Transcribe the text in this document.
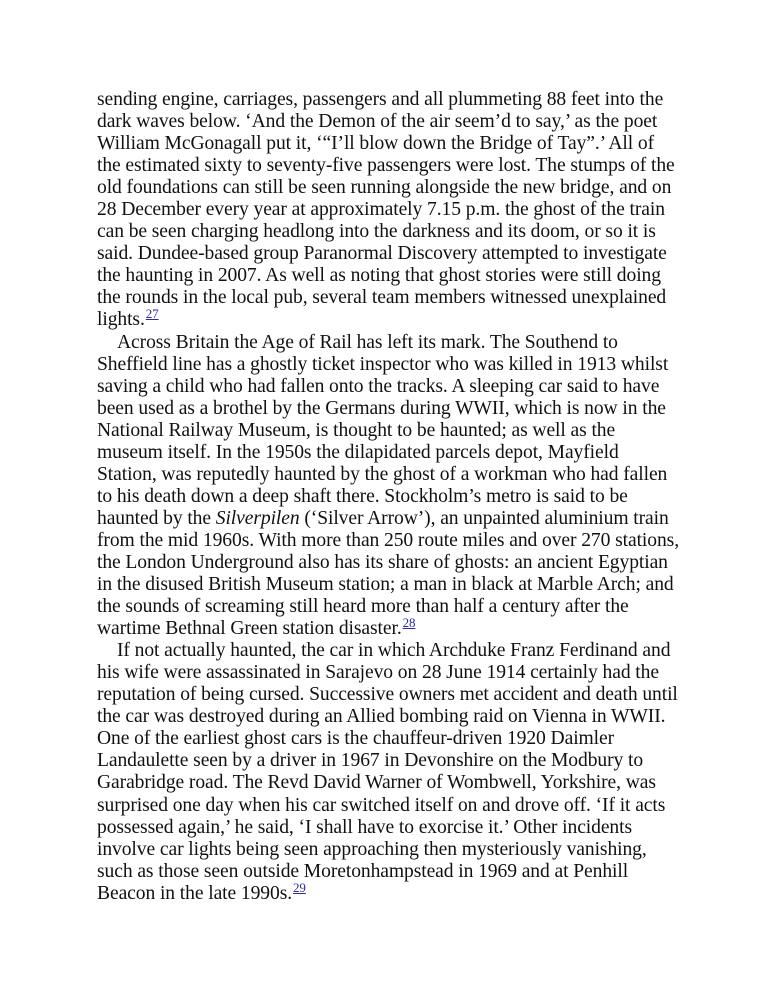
sending engine, carriages, passengers and all plummeting 88 feet into the dark waves below. ‘And the Demon of the air seem’d to say,’ as the poet William McGonagall put it, ‘“I’ll blow down the Bridge of Tay”.’ All of the estimated sixty to seventy-five passengers were lost. The stumps of the old foundations can still be seen running alongside the new bridge, and on 28 December every year at approximately 7.15 p.m. the ghost of the train can be seen charging headlong into the darkness and its doom, or so it is said. Dundee-based group Paranormal Discovery attempted to investigate the haunting in 2007. As well as noting that ghost stories were still doing the rounds in the local pub, several team members witnessed unexplained lights.$^{27}$

Across Britain the Age of Rail has left its mark. The Southend to Sheffield line has a ghostly ticket inspector who was killed in 1913 whilst saving a child who had fallen onto the tracks. A sleeping car said to have been used as a brothel by the Germans during WWII, which is now in the National Railway Museum, is thought to be haunted; as well as the museum itself. In the 1950s the dilapidated parcels depot, Mayfield Station, was reputedly haunted by the ghost of a workman who had fallen to his death down a deep shaft there. Stockholm’s metro is said to be haunted by the Silverpilen (‘Silver Arrow’), an unpainted aluminium train from the mid 1960s. With more than 250 route miles and over 270 stations, the London Underground also has its share of ghosts: an ancient Egyptian in the disused British Museum station; a man in black at Marble Arch; and the sounds of screaming still heard more than half a century after the wartime Bethnal Green station disaster.$^{28}$

If not actually haunted, the car in which Archduke Franz Ferdinand and his wife were assassinated in Sarajevo on 28 June 1914 certainly had the reputation of being cursed. Successive owners met accident and death until the car was destroyed during an Allied bombing raid on Vienna in WWII. One of the earliest ghost cars is the chauffeur-driven 1920 Daimler Landaulette seen by a driver in 1967 in Devonshire on the Modbury to Garabridge road. The Revd David Warner of Wombwell, Yorkshire, was surprised one day when his car switched itself on and drove off. ‘If it acts possessed again,’ he said, ‘I shall have to exorcise it.’ Other incidents involve car lights being seen approaching then mysteriously vanishing, such as those seen outside Moretonhampstead in 1969 and at Penhill Beacon in the late 1990s.$^{29}$
